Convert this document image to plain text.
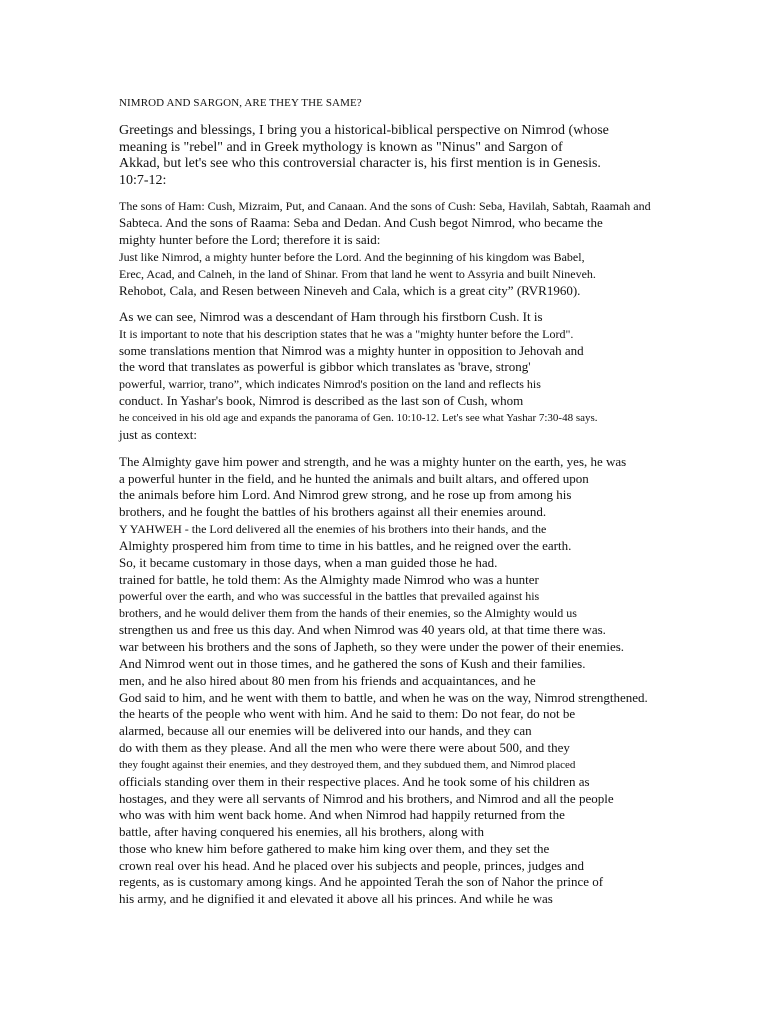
NIMROD AND SARGON, ARE THEY THE SAME?
Greetings and blessings, I bring you a historical-biblical perspective on Nimrod (whose
meaning is "rebel" and in Greek mythology is known as "Ninus" and Sargon of
Akkad, but let's see who this controversial character is, his first mention is in Genesis.
10:7-12:
The sons of Ham: Cush, Mizraim, Put, and Canaan. And the sons of Cush: Seba, Havilah, Sabtah, Raamah and
Sabteca. And the sons of Raama: Seba and Dedan. And Cush begot Nimrod, who became the
mighty hunter before the Lord; therefore it is said:
Just like Nimrod, a mighty hunter before the Lord. And the beginning of his kingdom was Babel,
Erec, Acad, and Calneh, in the land of Shinar. From that land he went to Assyria and built Nineveh.
Rehobot, Cala, and Resen between Nineveh and Cala, which is a great city” (RVR1960).
As we can see, Nimrod was a descendant of Ham through his firstborn Cush. It is
It is important to note that his description states that he was a "mighty hunter before the Lord".
some translations mention that Nimrod was a mighty hunter in opposition to Jehovah and
the word that translates as powerful is gibbor which translates as 'brave, strong'
powerful, warrior, trano”, which indicates Nimrod's position on the land and reflects his
conduct. In Yashar's book, Nimrod is described as the last son of Cush, whom
he conceived in his old age and expands the panorama of Gen. 10:10-12. Let's see what Yashar 7:30-48 says.
just as context:
The Almighty gave him power and strength, and he was a mighty hunter on the earth, yes, he was
a powerful hunter in the field, and he hunted the animals and built altars, and offered upon
the animals before him Lord. And Nimrod grew strong, and he rose up from among his
brothers, and he fought the battles of his brothers against all their enemies around.
Y YAHWEH - the Lord delivered all the enemies of his brothers into their hands, and the
Almighty prospered him from time to time in his battles, and he reigned over the earth.
So, it became customary in those days, when a man guided those he had.
trained for battle, he told them: As the Almighty made Nimrod who was a hunter
powerful over the earth, and who was successful in the battles that prevailed against his
brothers, and he would deliver them from the hands of their enemies, so the Almighty would us
strengthen us and free us this day. And when Nimrod was 40 years old, at that time there was.
war between his brothers and the sons of Japheth, so they were under the power of their enemies.
And Nimrod went out in those times, and he gathered the sons of Kush and their families.
men, and he also hired about 80 men from his friends and acquaintances, and he
God said to him, and he went with them to battle, and when he was on the way, Nimrod strengthened.
the hearts of the people who went with him. And he said to them: Do not fear, do not be
alarmed, because all our enemies will be delivered into our hands, and they can
do with them as they please. And all the men who were there were about 500, and they
they fought against their enemies, and they destroyed them, and they subdued them, and Nimrod placed
officials standing over them in their respective places. And he took some of his children as
hostages, and they were all servants of Nimrod and his brothers, and Nimrod and all the people
who was with him went back home. And when Nimrod had happily returned from the
battle, after having conquered his enemies, all his brothers, along with
those who knew him before gathered to make him king over them, and they set the
crown real over his head. And he placed over his subjects and people, princes, judges and
regents, as is customary among kings. And he appointed Terah the son of Nahor the prince of
his army, and he dignified it and elevated it above all his princes. And while he was
